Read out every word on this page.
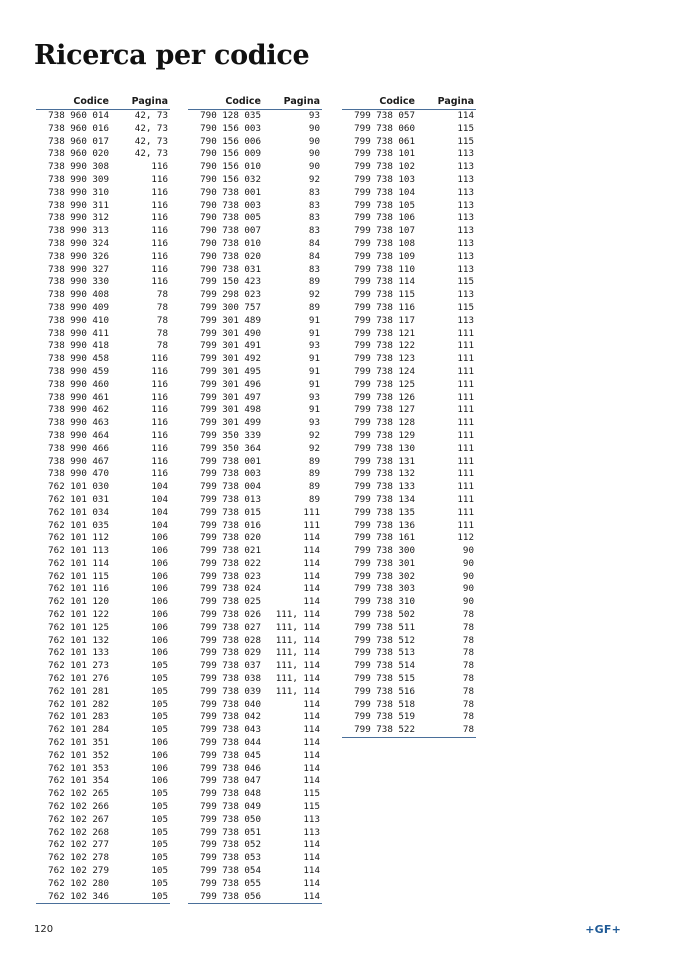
Ricerca per codice
Codice	Pagina
738 960 014	42, 73
738 960 016	42, 73
738 960 017	42, 73
738 960 020	42, 73
738 990 308	116
738 990 309	116
738 990 310	116
738 990 311	116
738 990 312	116
738 990 313	116
738 990 324	116
738 990 326	116
738 990 327	116
738 990 330	116
738 990 408	78
738 990 409	78
738 990 410	78
738 990 411	78
738 990 418	78
738 990 458	116
738 990 459	116
738 990 460	116
738 990 461	116
738 990 462	116
738 990 463	116
738 990 464	116
738 990 466	116
738 990 467	116
738 990 470	116
762 101 030	104
762 101 031	104
762 101 034	104
762 101 035	104
762 101 112	106
762 101 113	106
762 101 114	106
762 101 115	106
762 101 116	106
762 101 120	106
762 101 122	106
762 101 125	106
762 101 132	106
762 101 133	106
762 101 273	105
762 101 276	105
762 101 281	105
762 101 282	105
762 101 283	105
762 101 284	105
762 101 351	106
762 101 352	106
762 101 353	106
762 101 354	106
762 102 265	105
762 102 266	105
762 102 267	105
762 102 268	105
762 102 277	105
762 102 278	105
762 102 279	105
762 102 280	105
762 102 346	105
Codice	Pagina
790 128 035	93
790 156 003	90
790 156 006	90
790 156 009	90
790 156 010	90
790 156 032	92
790 738 001	83
790 738 003	83
790 738 005	83
790 738 007	83
790 738 010	84
790 738 020	84
790 738 031	83
799 150 423	89
799 298 023	92
799 300 757	89
799 301 489	91
799 301 490	91
799 301 491	93
799 301 492	91
799 301 495	91
799 301 496	91
799 301 497	93
799 301 498	91
799 301 499	93
799 350 339	92
799 350 364	92
799 738 001	89
799 738 003	89
799 738 004	89
799 738 013	89
799 738 015	111
799 738 016	111
799 738 020	114
799 738 021	114
799 738 022	114
799 738 023	114
799 738 024	114
799 738 025	114
799 738 026	111, 114
799 738 027	111, 114
799 738 028	111, 114
799 738 029	111, 114
799 738 037	111, 114
799 738 038	111, 114
799 738 039	111, 114
799 738 040	114
799 738 042	114
799 738 043	114
799 738 044	114
799 738 045	114
799 738 046	114
799 738 047	114
799 738 048	115
799 738 049	115
799 738 050	113
799 738 051	113
799 738 052	114
799 738 053	114
799 738 054	114
799 738 055	114
799 738 056	114
Codice	Pagina
799 738 057	114
799 738 060	115
799 738 061	115
799 738 101	113
799 738 102	113
799 738 103	113
799 738 104	113
799 738 105	113
799 738 106	113
799 738 107	113
799 738 108	113
799 738 109	113
799 738 110	113
799 738 114	115
799 738 115	113
799 738 116	115
799 738 117	113
799 738 121	111
799 738 122	111
799 738 123	111
799 738 124	111
799 738 125	111
799 738 126	111
799 738 127	111
799 738 128	111
799 738 129	111
799 738 130	111
799 738 131	111
799 738 132	111
799 738 133	111
799 738 134	111
799 738 135	111
799 738 136	111
799 738 161	112
799 738 300	90
799 738 301	90
799 738 302	90
799 738 303	90
799 738 310	90
799 738 502	78
799 738 511	78
799 738 512	78
799 738 513	78
799 738 514	78
799 738 515	78
799 738 516	78
799 738 518	78
799 738 519	78
799 738 522	78
120	+GF+
